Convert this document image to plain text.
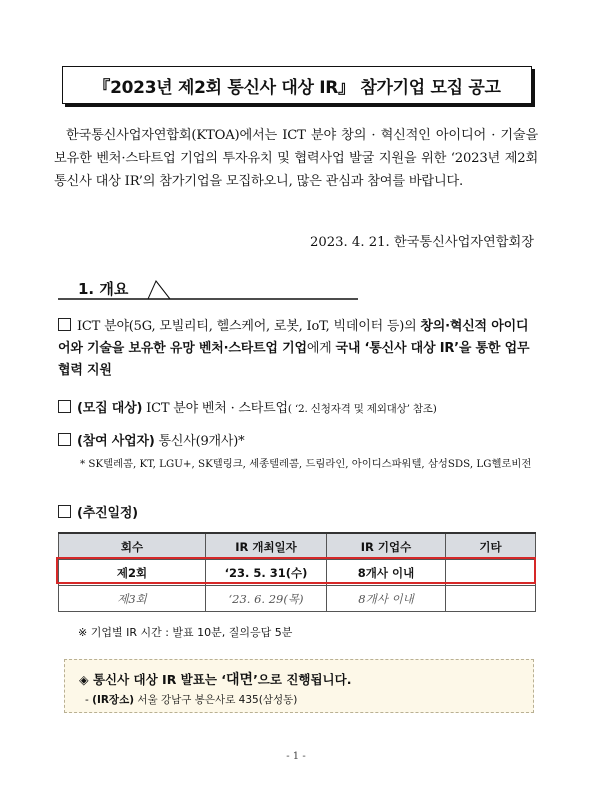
『2023년 제2회 통신사 대상 IR』 참가기업 모집 공고
한국통신사업자연합회(KTOA)에서는 ICT 분야 창의 · 혁신적인 아이디어 · 기술을 보유한 벤처·스타트업 기업의 투자유치 및 협력사업 발굴 지원을 위한 ‘2023년 제2회 통신사 대상 IR’의 참가기업을 모집하오니, 많은 관심과 참여를 바랍니다.
2023. 4. 21. 한국통신사업자연합회장
1. 개요
ICT 분야(5G, 모빌리티, 헬스케어, 로봇, IoT, 빅데이터 등)의 창의·혁신적 아이디어와 기술을 보유한 유망 벤처·스타트업 기업에게 국내 ‘통신사 대상 IR’을 통한 업무협력 지원
(모집 대상) ICT 분야 벤처 · 스타트업( ‘2. 신청자격 및 제외대상’ 참조)
(참여 사업자) 통신사(9개사)*
* SK텔레콤, KT, LGU+, SK텔링크, 세종텔레콤, 드림라인, 아이디스파워텔, 삼성SDS, LG헬로비전
(추진일정)
회수	IR 개최일자	IR 기업수	기타
제2회	‘23. 5. 31(수)	8개사 이내	
제3회	‘23. 6. 29(목)	8개사 이내	
※ 기업별 IR 시간 : 발표 10분, 질의응답 5분
◈ 통신사 대상 IR 발표는 ‘대면’으로 진행됩니다.
- (IR장소) 서울 강남구 봉은사로 435(삼성동)
- 1 -
